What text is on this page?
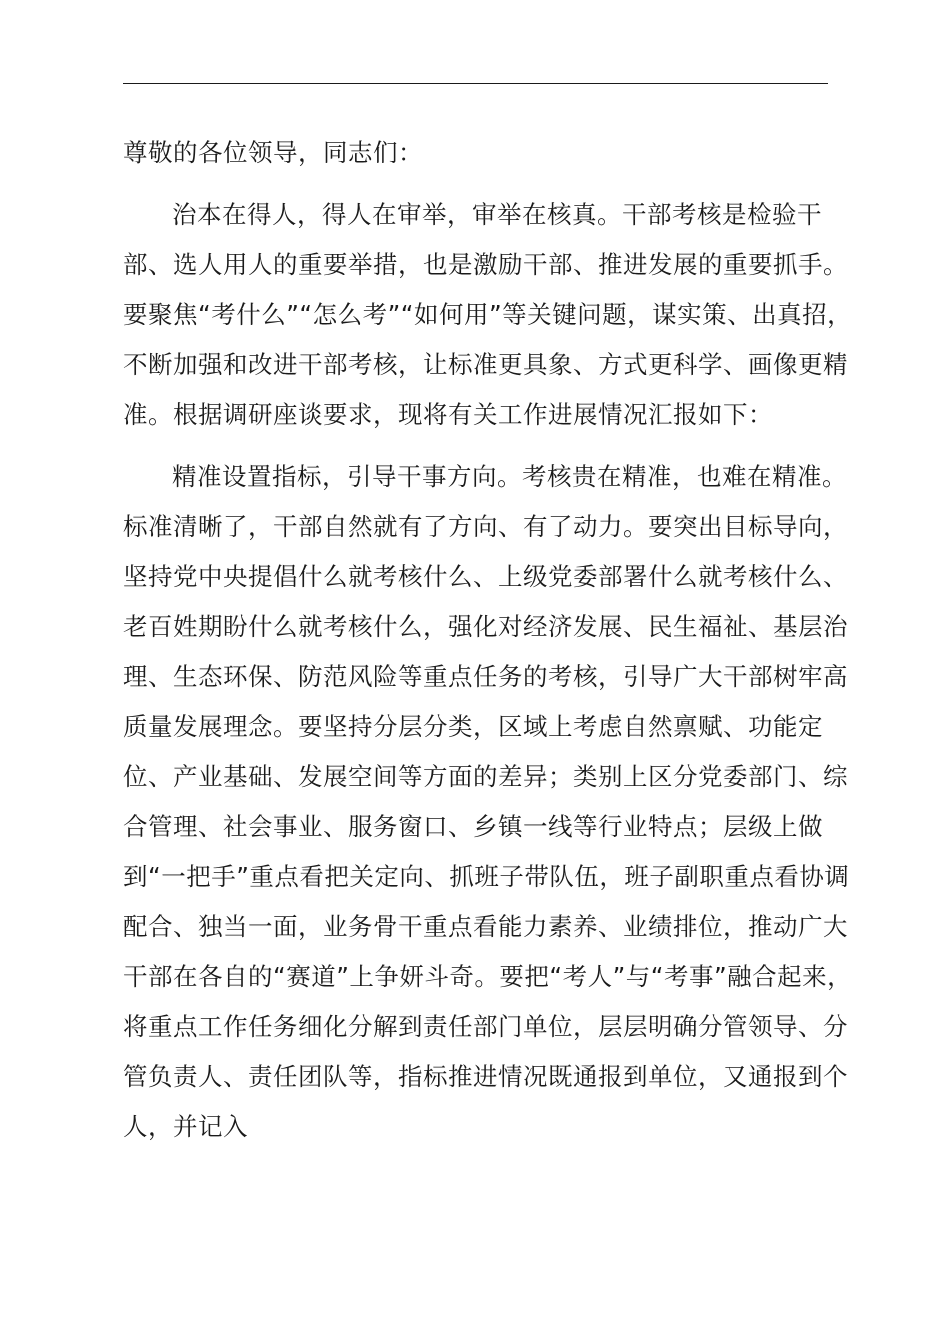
尊敬的各位领导，同志们：

治本在得人，得人在审举，审举在核真。干部考核是检验干部、选人用人的重要举措，也是激励干部、推进发展的重要抓手。要聚焦“考什么”“怎么考”“如何用”等关键问题，谋实策、出真招，不断加强和改进干部考核，让标准更具象、方式更科学、画像更精准。根据调研座谈要求，现将有关工作进展情况汇报如下：

精准设置指标，引导干事方向。考核贵在精准，也难在精准。标准清晰了，干部自然就有了方向、有了动力。要突出目标导向，坚持党中央提倡什么就考核什么、上级党委部署什么就考核什么、老百姓期盼什么就考核什么，强化对经济发展、民生福祉、基层治理、生态环保、防范风险等重点任务的考核，引导广大干部树牢高质量发展理念。要坚持分层分类，区域上考虑自然禀赋、功能定位、产业基础、发展空间等方面的差异；类别上区分党委部门、综合管理、社会事业、服务窗口、乡镇一线等行业特点；层级上做到“一把手”重点看把关定向、抓班子带队伍，班子副职重点看协调配合、独当一面，业务骨干重点看能力素养、业绩排位，推动广大干部在各自的“赛道”上争妍斗奇。要把“考人”与“考事”融合起来，将重点工作任务细化分解到责任部门单位，层层明确分管领导、分管负责人、责任团队等，指标推进情况既通报到单位，又通报到个人，并记入
